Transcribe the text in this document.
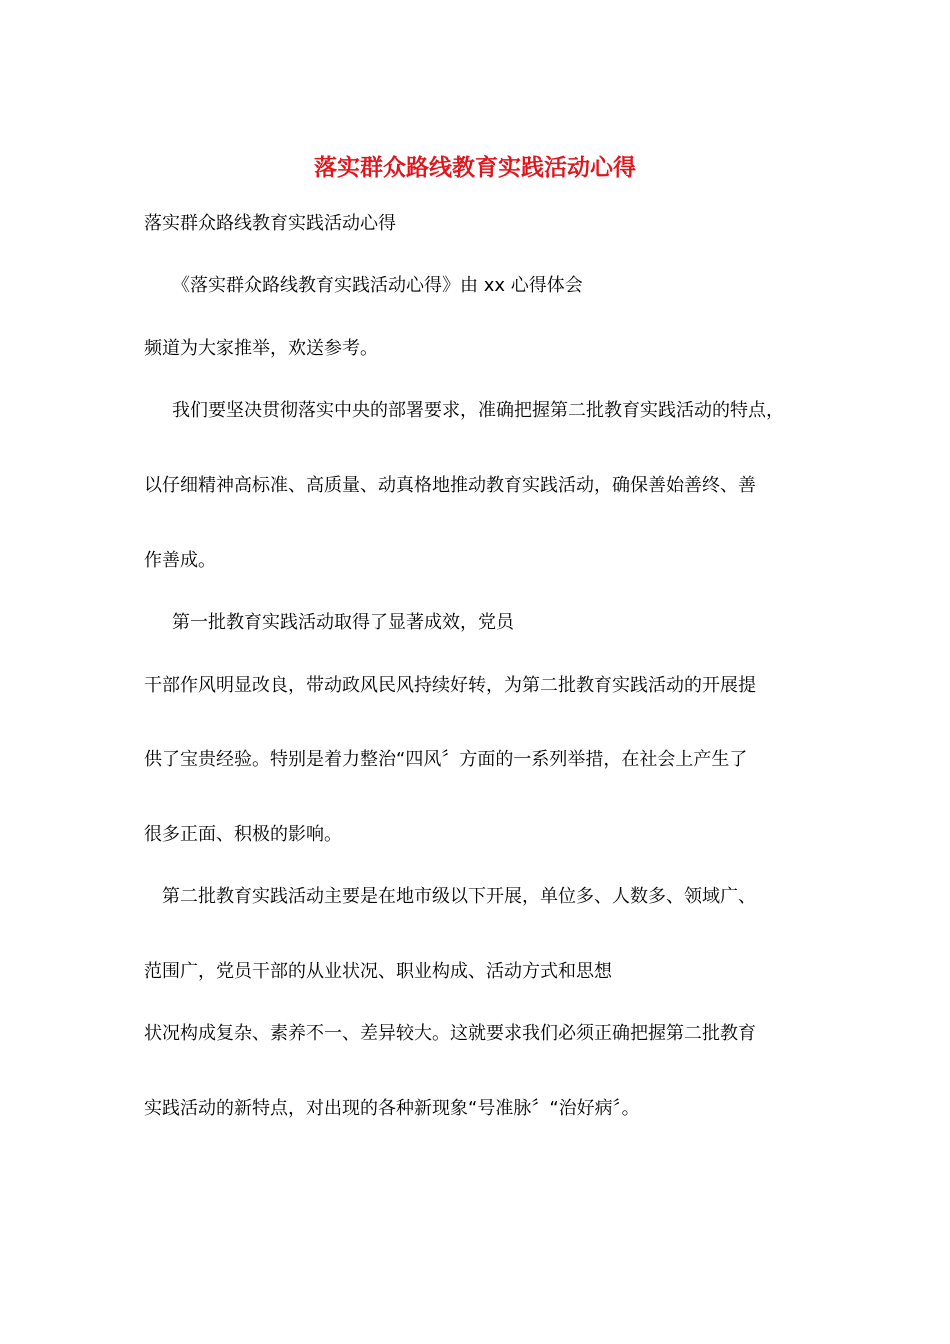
落实群众路线教育实践活动心得
落实群众路线教育实践活动心得
《落实群众路线教育实践活动心得》由 xx 心得体会
频道为大家推举，欢送参考。
我们要坚决贯彻落实中央的部署要求，准确把握第二批教育实践活动的特点，
以仔细精神高标准、高质量、动真格地推动教育实践活动，确保善始善终、善
作善成。
第一批教育实践活动取得了显著成效，党员
干部作风明显改良，带动政风民风持续好转，为第二批教育实践活动的开展提
供了宝贵经验。特别是着力整治“四风〞方面的一系列举措，在社会上产生了
很多正面、积极的影响。
第二批教育实践活动主要是在地市级以下开展，单位多、人数多、领域广、
范围广，党员干部的从业状况、职业构成、活动方式和思想
状况构成复杂、素养不一、差异较大。这就要求我们必须正确把握第二批教育
实践活动的新特点，对出现的各种新现象“号准脉〞“治好病〞。
